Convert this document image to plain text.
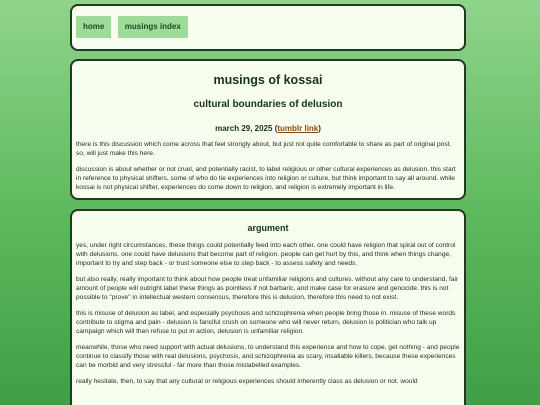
home	musings index
musings of kossai
cultural boundaries of delusion
march 29, 2025 (tumblr link)

there is this discussion which come across that feel strongly about, but just not quite comfortable to share as part of original post. so, will just make this here.

discussion is about whether or not cruel, and potentially racist, to label religious or other cultural experiences as delusion. this start in reference to physical shifters, some of who do tie experiences into religion or culture, but think important to say all around. while kossai is not physical shifter, experiences do come down to religion, and religion is extremely important in life.

argument

yes, under right circumstances, these things could potentially feed into each other. one could have religion that spiral out of control with delusions. one could have delusions that become part of religion. people can get hurt by this, and think when things change, important to try and step back - or trust someone else to step back - to assess safety and needs.

but also really, really important to think about how people treat unfamiliar religions and cultures. without any care to understand, fair amount of people will outright label these things as pointless if not barbaric, and make case for erasure and genocide. this is not possible to "prove" in intellectual western consensus, therefore this is delusion, therefore this need to not exist.

this is misuse of delusion as label, and especially psychosis and schizophrenia when people bring those in. misuse of these words contribute to stigma and pain - delusion is fanciful crush on someone who will never return, delusion is politician who talk up campaign which will then refuse to put in action, delusion is unfamiliar religion.

meanwhile, those who need support with actual delusions, to understand this experience and how to cope, get nothing - and people continue to classify those with real delusions, psychosis, and schizophrenia as scary, insatiable killers, because these experiences can be morbid and very stressful - far more than those mislabelled examples.

really hesitate, then, to say that any cultural or religious experiences should inherently class as delusion or not. would
